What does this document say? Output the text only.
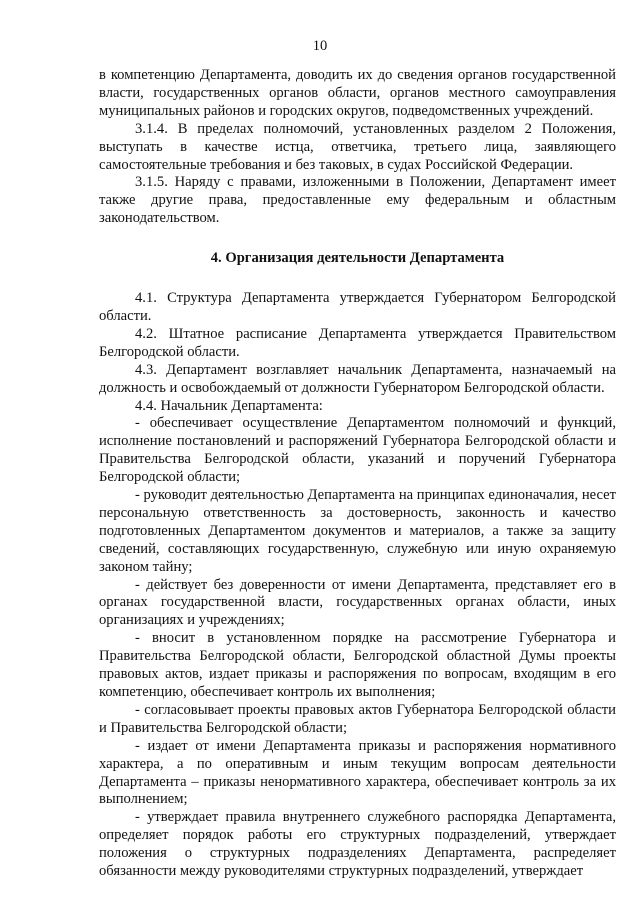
10

в компетенцию Департамента, доводить их до сведения органов государственной власти, государственных органов области, органов местного самоуправления муниципальных районов и городских округов, подведомственных учреждений.

3.1.4. В пределах полномочий, установленных разделом 2 Положения, выступать в качестве истца, ответчика, третьего лица, заявляющего самостоятельные требования и без таковых, в судах Российской Федерации.

3.1.5. Наряду с правами, изложенными в Положении, Департамент имеет также другие права, предоставленные ему федеральным и областным законодательством.

4. Организация деятельности Департамента

4.1. Структура Департамента утверждается Губернатором Белгородской области.

4.2. Штатное расписание Департамента утверждается Правительством Белгородской области.

4.3. Департамент возглавляет начальник Департамента, назначаемый на должность и освобождаемый от должности Губернатором Белгородской области.

4.4. Начальник Департамента:

- обеспечивает осуществление Департаментом полномочий и функций, исполнение постановлений и распоряжений Губернатора Белгородской области и Правительства Белгородской области, указаний и поручений Губернатора Белгородской области;

- руководит деятельностью Департамента на принципах единоначалия, несет персональную ответственность за достоверность, законность и качество подготовленных Департаментом документов и материалов, а также за защиту сведений, составляющих государственную, служебную или иную охраняемую законом тайну;

- действует без доверенности от имени Департамента, представляет его в органах государственной власти, государственных органах области, иных организациях и учреждениях;

- вносит в установленном порядке на рассмотрение Губернатора и Правительства Белгородской области, Белгородской областной Думы проекты правовых актов, издает приказы и распоряжения по вопросам, входящим в его компетенцию, обеспечивает контроль их выполнения;

- согласовывает проекты правовых актов Губернатора Белгородской области и Правительства Белгородской области;

- издает от имени Департамента приказы и распоряжения нормативного характера, а по оперативным и иным текущим вопросам деятельности Департамента – приказы ненормативного характера, обеспечивает контроль за их выполнением;

- утверждает правила внутреннего служебного распорядка Департамента, определяет порядок работы его структурных подразделений, утверждает положения о структурных подразделениях Департамента, распределяет обязанности между руководителями структурных подразделений, утверждает
